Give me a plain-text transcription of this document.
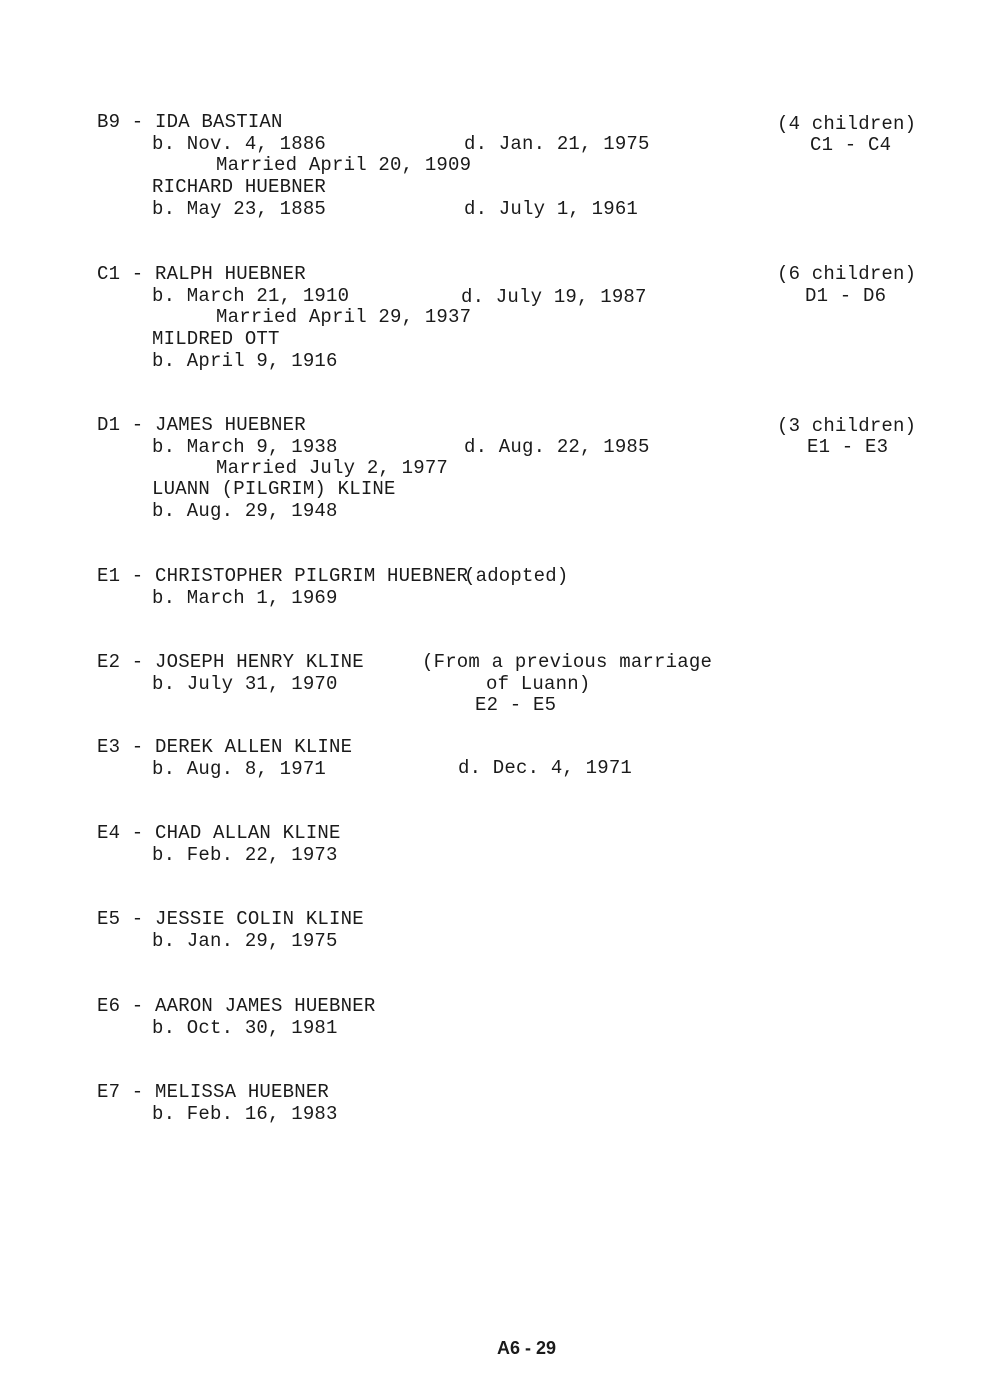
B9 - IDA BASTIAN
b. Nov. 4, 1886	d. Jan. 21, 1975
Married April 20, 1909
RICHARD HUEBNER
b. May 23, 1885	d. July 1, 1961
(4 children)
C1 - C4
C1 - RALPH HUEBNER
b. March 21, 1910	d. July 19, 1987
Married April 29, 1937
MILDRED OTT
b. April 9, 1916
(6 children)
D1 - D6
D1 - JAMES HUEBNER
b. March 9, 1938	d. Aug. 22, 1985
Married July 2, 1977
LUANN (PILGRIM) KLINE
b. Aug. 29, 1948
(3 children)
E1 - E3
E1 - CHRISTOPHER PILGRIM HUEBNER
(adopted)
b. March 1, 1969
E2 - JOSEPH HENRY KLINE
b. July 31, 1970
(From a previous marriage
of Luann)
E2 - E5
E3 - DEREK ALLEN KLINE
b. Aug. 8, 1971	d. Dec. 4, 1971
E4 - CHAD ALLAN KLINE
b. Feb. 22, 1973
E5 - JESSIE COLIN KLINE
b. Jan. 29, 1975
E6 - AARON JAMES HUEBNER
b. Oct. 30, 1981
E7 - MELISSA HUEBNER
b. Feb. 16, 1983
A6 - 29
